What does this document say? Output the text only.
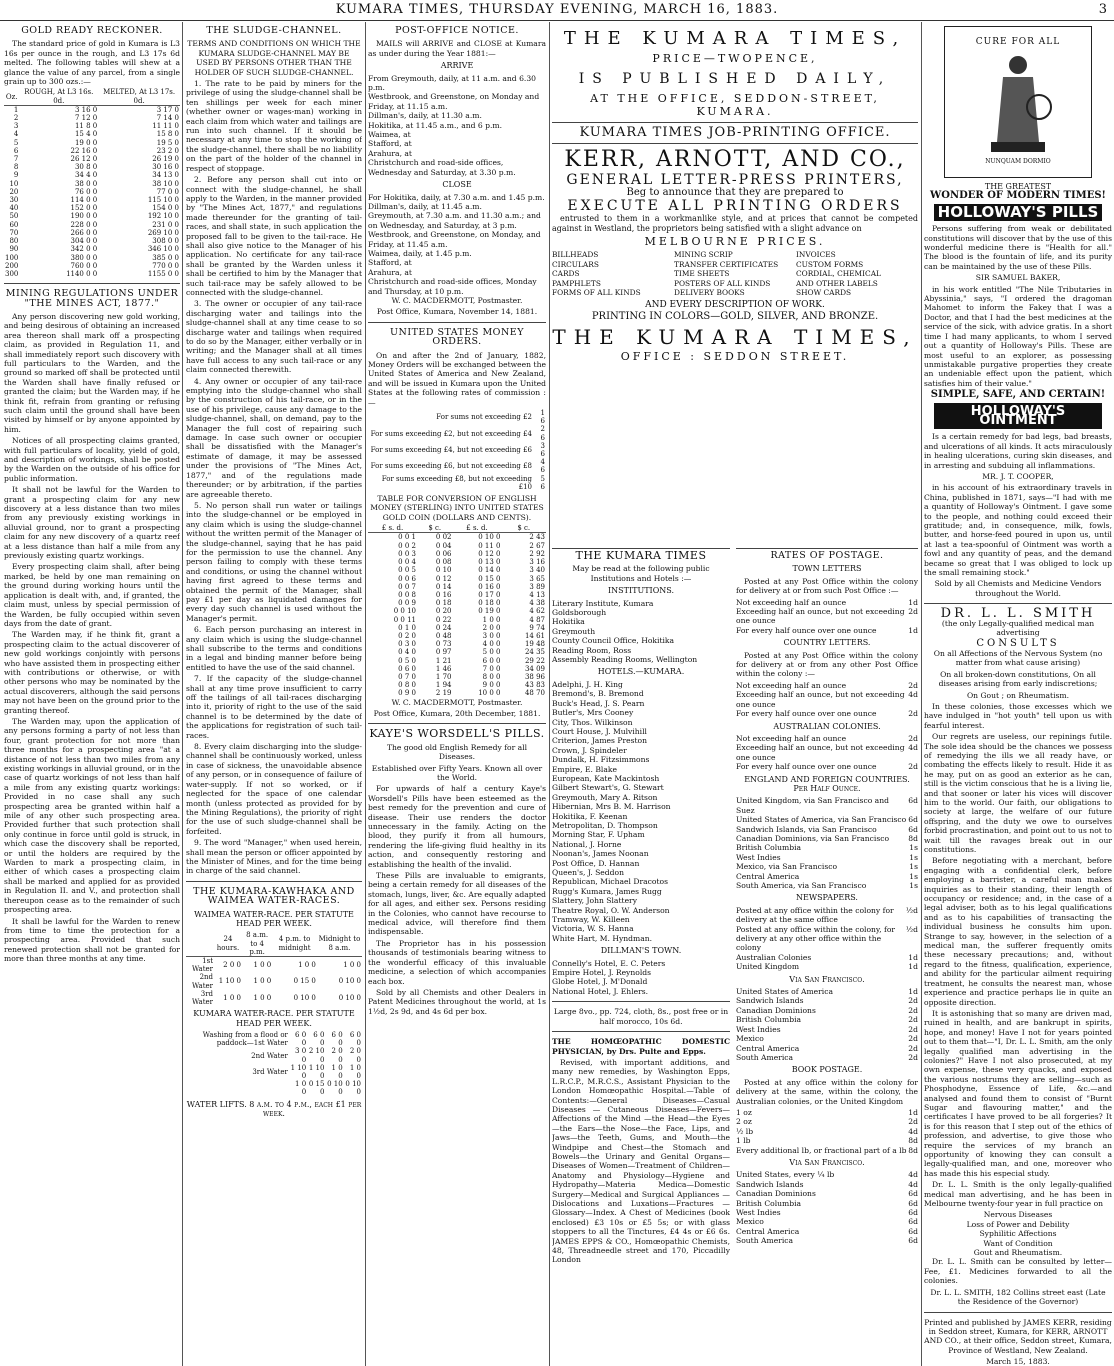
KUMARA TIMES, THURSDAY EVENING, MARCH 16, 1883.	3
GOLD READY RECKONER.

The standard price of gold in Kumara is L3 16s per ounce in the rough, and L3 17s 6d melted. The following tables will shew at a glance the value of any parcel, from a single grain up to 300 ozs.:—

Oz.	ROUGH, At L3 16s. 0d.	MELTED, At L3 17s. 0d.
1	3 16 0	3 17 0
2	7 12 0	7 14 0
3	11 8 0	11 11 0
4	15 4 0	15 8 0
5	19 0 0	19 5 0
6	22 16 0	23 2 0
7	26 12 0	26 19 0
8	30 8 0	30 16 0
9	34 4 0	34 13 0
10	38 0 0	38 10 0
20	76 0 0	77 0 0
30	114 0 0	115 10 0
40	152 0 0	154 0 0
50	190 0 0	192 10 0
60	228 0 0	231 0 0
70	266 0 0	269 10 0
80	304 0 0	308 0 0
90	342 0 0	346 10 0
100	380 0 0	385 0 0
200	760 0 0	770 0 0
300	1140 0 0	1155 0 0
MINING REGULATIONS UNDER "THE MINES ACT, 1877."

Any person discovering new gold working, and being desirous of obtaining an increased area thereon shall mark off a prospecting claim, as provided in Regulation 11, and shall immediately report such discovery with full particulars to the Warden, and the ground so marked off shall be protected until the Warden shall have finally refused or granted the claim; but the Warden may, if he think fit, refrain from granting or refusing such claim until the ground shall have been visited by himself or by anyone appointed by him.

Notices of all prospecting claims granted, with full particulars of locality, yield of gold, and description of workings, shall be posted by the Warden on the outside of his office for public information.

It shall not be lawful for the Warden to grant a prospecting claim for any new discovery at a less distance than two miles from any previously existing workings in alluvial ground, nor to grant a prospecting claim for any new discovery of a quartz reef at a less distance than half a mile from any previously existing quartz workings.

Every prospecting claim shall, after being marked, be held by one man remaining on the ground during working hours until the application is dealt with, and, if granted, the claim must, unless by special permission of the Warden, be fully occupied within seven days from the date of grant.

The Warden may, if he think fit, grant a prospecting claim to the actual discoverer of new gold workings conjointly with persons who have assisted them in prospecting either with contributions or otherwise, or with other persons who may be nominated by the actual discoverers, although the said persons may not have been on the ground prior to the granting thereof.

The Warden may, upon the application of any persons forming a party of not less than four, grant protection for not more than three months for a prospecting area "at a distance of not less than two miles from any existing workings in alluvial ground, or in the case of quartz workings of not less than half a mile from any existing quartz workings: Provided in no case shall any such prospecting area be granted within half a mile of any other such prospecting area. Provided further that such protection shall only continue in force until gold is struck, in which case the discovery shall be reported, or until the holders are required by the Warden to mark a prospecting claim, in either of which cases a prospecting claim shall be marked and applied for as provided in Regulation II. and V., and protection shall thereupon cease as to the remainder of such prospecting area.

It shall be lawful for the Warden to renew from time to time the protection for a prospecting area. Provided that such renewed protection shall not be granted for more than three months at any time.

THE SLUDGE-CHANNEL.

TERMS AND CONDITIONS ON WHICH THE KUMARA SLUDGE-CHANNEL MAY BE USED BY PERSONS OTHER THAN THE HOLDER OF SUCH SLUDGE-CHANNEL.

1. The rate to be paid by miners for the privilege of using the sludge-channel shall be ten shillings per week for each miner (whether owner or wages-man) working in each claim from which water and tailings are run into such channel. If it should be necessary at any time to stop the working of the sludge-channel, there shall be no liability on the part of the holder of the channel in respect of stoppage.

2. Before any person shall cut into or connect with the sludge-channel, he shall apply to the Warden, in the manner provided by "The Mines Act, 1877," and regulations made thereunder for the granting of tail-races, and shall state, in such application the proposed fall to be given to the tail-race. He shall also give notice to the Manager of his application. No certificate for any tail-race shall be granted by the Warden unless it shall be certified to him by the Manager that such tail-race may be safely allowed to be connected with the sludge-channel.

3. The owner or occupier of any tail-race discharging water and tailings into the sludge-channel shall at any time cease to so discharge water and tailings when required to do so by the Manager, either verbally or in writing; and the Manager shall at all times have full access to any such tail-race or any claim connected therewith.

4. Any owner or occupier of any tail-race emptying into the sludge-channel who shall by the construction of his tail-race, or in the use of his privilege, cause any damage to the sludge-channel, shall, on demand, pay to the Manager the full cost of repairing such damage. In case such owner or occupier shall be dissatisfied with the Manager's estimate of damage, it may be assessed under the provisions of "The Mines Act, 1877," and of the regulations made thereunder; or by arbitration, if the parties are agreeable thereto.

5. No person shall run water or tailings into the sludge-channel or be employed in any claim which is using the sludge-channel without the written permit of the Manager of the sludge-channel, saying that he has paid for the permission to use the channel. Any person failing to comply with these terms and conditions, or using the channel without having first agreed to these terms and obtained the permit of the Manager, shall pay £1 per day as liquidated damages for every day such channel is used without the Manager's permit.

6. Each person purchasing an interest in any claim which is using the sludge-channel shall subscribe to the terms and conditions in a legal and binding manner before being entitled to have the use of the said channel.

7. If the capacity of the sludge-channel shall at any time prove insufficient to carry off the tailings of all tail-races discharging into it, priority of right to the use of the said channel is to be determined by the date of the applications for registration of such tail-races.

8. Every claim discharging into the sludge-channel shall be continuously worked, unless in case of sickness, the unavoidable absence of any person, or in consequence of failure of water-supply. If not so worked, or if neglected for the space of one calendar month (unless protected as provided for by the Mining Regulations), the priority of right for the use of such sludge-channel shall be forfeited.

9. The word "Manager," when used herein, shall mean the person or officer appointed by the Minister of Mines, and for the time being in charge of the said channel.

THE KUMARA-KAWHAKA AND WAIMEA WATER-RACES.
WAIMEA WATER-RACE. PER STATUTE HEAD PER WEEK.
	24 hours.	8 a.m. to 4 p.m.	4 p.m. to midnight	Midnight to 8 a.m.
1st Water	2 0 0	1 0 0	1 0 0	1 0 0
2nd Water	1 10 0	1 0 0	0 15 0	0 10 0
3rd Water	1 0 0	1 0 0	0 10 0	0 10 0
KUMARA WATER-RACE. PER STATUTE HEAD PER WEEK.
Washing from a flood or paddock—1st Water	6 0 0	6 0 0	6 0 0	6 0 0
2nd Water	3 0 0	2 10 0	2 0 0	2 0 0
3rd Water	1 10 0	1 10 0	1 0 0	1 0 0
	1 0 0	0 15 0	0 10 0	0 10 0
WATER LIFTS. 8 a.m. to 4 p.m., each £1 per week.
POST-OFFICE NOTICE.

MAILS will ARRIVE and CLOSE at Kumara as under during the Year 1881:—

ARRIVE
From Greymouth, daily, at 11 a.m. and 6.30 p.m.
Westbrook, and Greenstone, on Monday and Friday, at 11.15 a.m.
Dillman's, daily, at 11.30 a.m.
Hokitika, at 11.45 a.m., and 6 p.m.
Waimea, at
Stafford, at
Arahura, at
Christchurch and road-side offices, Wednesday and Saturday, at 3.30 p.m.
CLOSE
For Hokitika, daily, at 7.30 a.m. and 1.45 p.m.
Dillman's, daily, at 11.45 a.m.
Greymouth, at 7.30 a.m. and 11.30 a.m.; and on Wednesday, and Saturday, at 3 p.m.
Westbrook, and Greenstone, on Monday, and Friday, at 11.45 a.m.
Waimea, daily, at 1.45 p.m.
Stafford, at
Arahura, at
Christchurch and road-side offices, Monday and Thursday, at 10 p.m.

W. C. MACDERMOTT, Postmaster.

Post Office, Kumara, November 14, 1881.

UNITED STATES MONEY ORDERS.

On and after the 2nd of January, 1882, Money Orders will be exchanged between the United States of America and New Zealand, and will be issued in Kumara upon the United States at the following rates of commission :—

For sums not exceeding £2	1 6
For sums exceeding £2, but not exceeding £4	2 6
For sums exceeding £4, but not exceeding £6	3 6
For sums exceeding £6, but not exceeding £8	4 6
For sums exceeding £8, but not exceeding £10	5 6

TABLE FOR CONVERSION OF ENGLISH MONEY (STERLING) INTO UNITED STATES GOLD COIN (DOLLARS AND CENTS).

£ s. d.	$ c.	£ s. d.	$ c.
0 0 1	0 02	0 10 0	2 43
0 0 2	0 04	0 11 0	2 67
0 0 3	0 06	0 12 0	2 92
0 0 4	0 08	0 13 0	3 16
0 0 5	0 10	0 14 0	3 40
0 0 6	0 12	0 15 0	3 65
0 0 7	0 14	0 16 0	3 89
0 0 8	0 16	0 17 0	4 13
0 0 9	0 18	0 18 0	4 38
0 0 10	0 20	0 19 0	4 62
0 0 11	0 22	1 0 0	4 87
0 1 0	0 24	2 0 0	9 74
0 2 0	0 48	3 0 0	14 61
0 3 0	0 73	4 0 0	19 48
0 4 0	0 97	5 0 0	24 35
0 5 0	1 21	6 0 0	29 22
0 6 0	1 46	7 0 0	34 09
0 7 0	1 70	8 0 0	38 96
0 8 0	1 94	9 0 0	43 83
0 9 0	2 19	10 0 0	48 70

W. C. MACDERMOTT, Postmaster.

Post Office, Kumara, 20th December, 1881.

KAYE'S WORSDELL'S PILLS.

The good old English Remedy for all Diseases.

Established over Fifty Years. Known all over the World.

For upwards of half a century Kaye's Worsdell's Pills have been esteemed as the best remedy for the prevention and cure of disease. Their use renders the doctor unnecessary in the family. Acting on the blood, they purify it from all humours, rendering the life-giving fluid healthy in its action, and consequently restoring and establishing the health of the invalid.

These Pills are invaluable to emigrants, being a certain remedy for all diseases of the stomach, lungs, liver, &c. Are equally adapted for all ages, and either sex. Persons residing in the Colonies, who cannot have recourse to medical advice, will therefore find them indispensable.

The Proprietor has in his possession thousands of testimonials bearing witness to the wonderful efficacy of this invaluable medicine, a selection of which accompanies each box.

Sold by all Chemists and other Dealers in Patent Medicines throughout the world, at 1s 1½d, 2s 9d, and 4s 6d per box.

THE KUMARA TIMES,
PRICE—TWOPENCE,
IS PUBLISHED DAILY,
AT THE OFFICE, SEDDON-STREET,
KUMARA.
KUMARA TIMES JOB-PRINTING OFFICE.
KERR, ARNOTT, AND CO.,
GENERAL LETTER-PRESS PRINTERS,
Beg to announce that they are prepared to
EXECUTE ALL PRINTING ORDERS

entrusted to them in a workmanlike style, and at prices that cannot be competed against in Westland, the proprietors being satisfied with a slight advance on

MELBOURNE PRICES.
BILLHEADS
CIRCULARS
CARDS
PAMPHLETS
FORMS OF ALL KINDS
MINING SCRIP
TRANSFER CERTIFICATES
TIME SHEETS
POSTERS OF ALL KINDS
DELIVERY BOOKS
INVOICES
CUSTOM FORMS
CORDIAL, CHEMICAL
AND OTHER LABELS
SHOW CARDS
AND EVERY DESCRIPTION OF WORK.
PRINTING IN COLORS—GOLD, SILVER, AND BRONZE.
THE KUMARA TIMES,
OFFICE : SEDDON STREET.
THE KUMARA TIMES

May be read at the following public Institutions and Hotels :—

INSTITUTIONS.
Literary Institute, Kumara
Goldsborough
Hokitika
Greymouth
County Council Office, Hokitika
Reading Room, Ross
Assembly Reading Rooms, Wellington
HOTELS.—KUMARA.
Adelphi, J. H. King
Bremond's, B. Bremond
Buck's Head, J. S. Pearn
Butler's, Mrs Cooney
City, Thos. Wilkinson
Court House, J. Mulvihill
Criterion, James Preston
Crown, J. Spindeler
Dundalk, H. Fitzsimmons
Empire, E. Blake
European, Kate Mackintosh
Gilbert Stewart's, G. Stewart
Greymouth, Mary A. Ritson
Hibernian, Mrs B. M. Harrison
Hokitika, F. Keenan
Metropolitan, D. Thompson
Morning Star, F. Upham
National, J. Horne
Noonan's, James Noonan
Post Office, D. Hannan
Queen's, J. Seddon
Republican, Michael Dracotos
Rugg's Kumara, James Rugg
Slattery, John Slattery
Theatre Royal, O. W. Anderson
Tramway, W. Killeen
Victoria, W. S. Hanna
White Hart, M. Hyndman.
DILLMAN'S TOWN.
Connelly's Hotel, E. C. Peters
Empire Hotel, J. Reynolds
Globe Hotel, J. M'Donald
National Hotel, J. Ehlers.

Large 8vo., pp. 724, cloth, 8s., post free or in half morocco, 10s 6d.

THE HOMŒOPATHIC DOMESTIC PHYSICIAN, by Drs. Pulte and Epps.

Revised, with important additions, and many new remedies, by Washington Epps, L.R.C.P., M.R.C.S., Assistant Physician to the London Homœopathic Hospital.—Table of Contents:—General Diseases—Casual Diseases — Cutaneous Diseases—Fevers—Affections of the Mind —the Head—the Eyes—the Ears—the Nose—the Face, Lips, and Jaws—the Teeth, Gums, and Mouth—the Windpipe and Chest—the Stomach and Bowels—the Urinary and Genital Organs—Diseases of Women—Treatment of Children—Anatomy and Physiology—Hygiene and Hydropathy—Materia Medica—Domestic Surgery—Medical and Surgical Appliances —Dislocations and Luxations—Fractures —Glossary—Index. A Chest of Medicines (book enclosed) £3 10s or £5 5s; or with glass stoppers to all the Tinctures, £4 4s or £6 6s. JAMES EPPS & CO., Homœopathic Chemists, 48, Threadneedle street and 170, Piccadilly London

RATES OF POSTAGE.
TOWN LETTERS

Posted at any Post Office within the colony for delivery at or from such Post Office :—

Not exceeding half an ounce	1d
Exceeding half an ounce, but not exceeding one ounce
2d
For every half ounce over one ounce	1d
COUNTRY LETTERS.

Posted at any Post Office within the colony for delivery at or from any other Post Office within the colony :—

Not exceeding half an ounce	2d
Exceeding half an ounce, but not exceeding one ounce
4d
For every half ounce over one ounce	2d
AUSTRALIAN COLONIES.
Not exceeding half an ounce	2d
Exceeding half an ounce, but not exceeding one ounce
4d
For every half ounce over one ounce	2d
ENGLAND AND FOREIGN COUNTRIES. Per Half Ounce.
United Kingdom, via San Francisco and Suez
6d
United States of America, via San Francisco 6d
Sandwich Islands, via San Francisco	6d
Canadian Dominions, via San Francisco	8d
British Columbia	1s
West Indies	1s
Mexico, via San Francisco	1s
Central America	1s
South America, via San Francisco	1s
NEWSPAPERS.
Posted at any office within the colony for delivery at the same office
½d
Posted at any office within the colony, for delivery at any other office within the colony
½d
Australian Colonies	1d
United Kingdom	1d
Via San Francisco.
United States of America	1d
Sandwich Islands	2d
Canadian Dominions	2d
British Columbia	2d
West Indies	2d
Mexico	2d
Central America	2d
South America	2d
BOOK POSTAGE.

Posted at any office within the colony for delivery at the same, within the colony, the Australian colonies, or the United Kingdom

1 oz	1d
2 oz	2d
½ lb	4d
1 lb	8d
Every additional lb, or fractional part of a lb 8d
Via San Francisco.
United States, every ¼ lb	4d
Sandwich Islands	4d
Canadian Dominions	6d
British Columbia	6d
West Indies	6d
Mexico	6d
Central America	6d
South America	6d
CURE FOR ALL
NUNQUAM DORMIO
THE GREATEST
WONDER OF MODERN TIMES!
HOLLOWAY'S PILLS

Persons suffering from weak or debilitated constitutions will discover that by the use of this wonderful medicine there is "Health for all." The blood is the fountain of life, and its purity can be maintained by the use of these Pills.

SIR SAMUEL BAKER,

in his work entitled "The Nile Tributaries in Abyssinia," says, "I ordered the dragoman Mahomet to inform the Fakey that I was a Doctor, and that I had the best medicines at the service of the sick, with advice gratis. In a short time I had many applicants, to whom I served out a quantity of Holloway's Pills. These are most useful to an explorer, as possessing unmistakable purgative properties they create an undeniable effect upon the patient, which satisfies him of their value."

SIMPLE, SAFE, AND CERTAIN!
HOLLOWAY'S OINTMENT

Is a certain remedy for bad legs, bad breasts, and ulcerations of all kinds. It acts miraculously in healing ulcerations, curing skin diseases, and in arresting and subduing all inflammations.

MR. J. T. COOPER,

in his account of his extraordinary travels in China, published in 1871, says—"I had with me a quantity of Holloway's Ointment. I gave some to the people, and nothing could exceed their gratitude; and, in consequence, milk, fowls, butter, and horse-feed poured in upon us, until at last a tea-spoonful of Ointment was worth a fowl and any quantity of peas, and the demand became so great that I was obliged to lock up the small remaining stock."

Sold by all Chemists and Medicine Vendors throughout the World.

DR. L. L. SMITH

(the only Legally-qualified medical man advertising

CONSULTS

On all Affections of the Nervous System (no matter from what cause arising)

On all broken-down constitutions, On all diseases arising from early indiscretions;

On Gout ; on Rheumatism.

In these colonies, those excesses which we have indulged in "hot youth" tell upon us with fearful interest.

Our regrets are useless, our repinings futile. The sole idea should be the chances we possess of remedying the ills we all ready have, or combating the effects likely to result. Hide it as he may, put on as good an exterior as he can, still is the victim conscious that he is a living lie, and that sooner or later his vices will discover him to the world. Our faith, our obligations to society at large, the welfare of our future offspring, and the duty we owe to ourselves forbid procrastination, and point out to us not to wait till the ravages break out in our constitutions.

Before negotiating with a merchant, before engaging with a confidential clerk, before employing a barrister, a careful man makes inquiries as to their standing, their length of occupancy or residence; and, in the case of a legal adviser, both as to his legal qualifications and as to his capabilities of transacting the individual business he consults him upon. Strange to say, however, in the selection of a medical man, the sufferer frequently omits these necessary precautions; and, without regard to the fitness, qualification, experience, and ability for the particular ailment requiring treatment, he consults the nearest man, whose experience and practice perhaps lie in quite an opposite direction.

It is astonishing that so many are driven mad, ruined in health, and are bankrupt in spirits, hope, and money! Have I not for years pointed out to them that—"I, Dr. L. L. Smith, am the only legally qualified man advertising in the colonies?" Have I not also prosecuted, at my own expense, these very quacks, and exposed the various nostrums they are selling—such as Phosphodyne, Essence of Life, &c.—and analysed and found them to consist of "Burnt Sugar and flavouring matter," and the certificates I have proved to be all forgeries? It is for this reason that I step out of the ethics of profession, and advertise, to give those who require the services of my branch an opportunity of knowing they can consult a legally-qualified man, and one, moreover who has made this his especial study.

Dr. L. L. Smith is the only legally-qualified medical man advertising, and he has been in Melbourne twenty-four year in full practice on

Nervous Diseases
Loss of Power and Debility
Syphilitic Affections
Want of Condition
Gout and Rheumatism.

Dr. L. L. Smith can be consulted by letter—Fee, £1. Medicines forwarded to all the colonies.

Dr. L. L. SMITH, 182 Collins street east (Late the Residence of the Governor)

Printed and published by JAMES KERR, residing in Seddon street, Kumara, for KERR, ARNOTT AND CO., at their office, Seddon street, Kumara, Province of Westland, New Zealand.

March 15, 1883.
